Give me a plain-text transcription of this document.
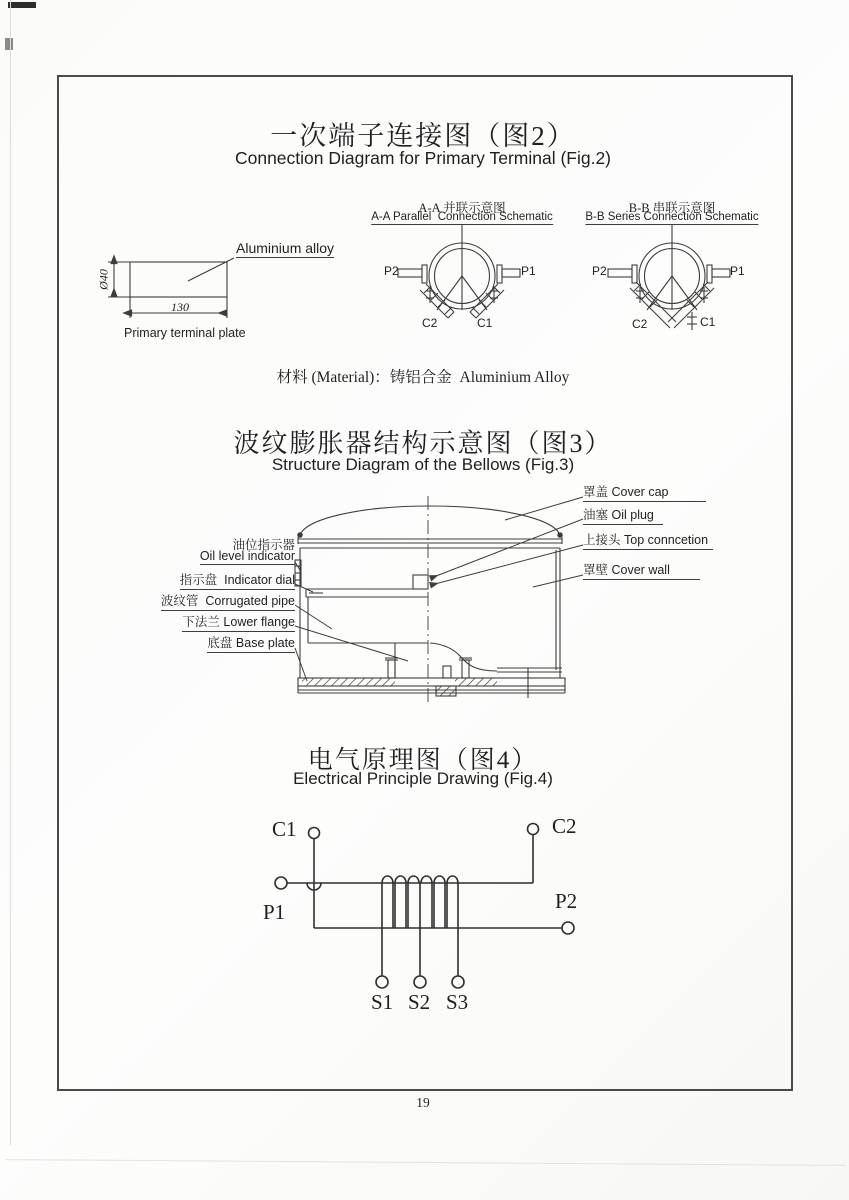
一次端子连接图（图2）
Connection Diagram for Primary Terminal (Fig.2)
A-A 并联示意图
A-A Parallel  Connection Schematic
B-B 串联示意图
B-B Series Connection Schematic
Aluminium alloy
Primary terminal plate
130
Ø40	P2	P1
C2	C1
P2	P1
C2	C1
材料 (Material)：铸铝合金  Aluminium Alloy
波纹膨胀器结构示意图（图3）
Structure Diagram of the Bellows (Fig.3)
罩盖 Cover cap
油塞 Oil plug
上接头 Top conncetion
罩壁 Cover wall
油位指示器
Oil level indicator
指示盘 Indicator dial
波纹管 Corrugated pipe
下法兰 Lower flange
底盘 Base plate
电气原理图（图4）
Electrical Principle Drawing (Fig.4)
C1	C2
P1	P2
S1 S2 S3
19
